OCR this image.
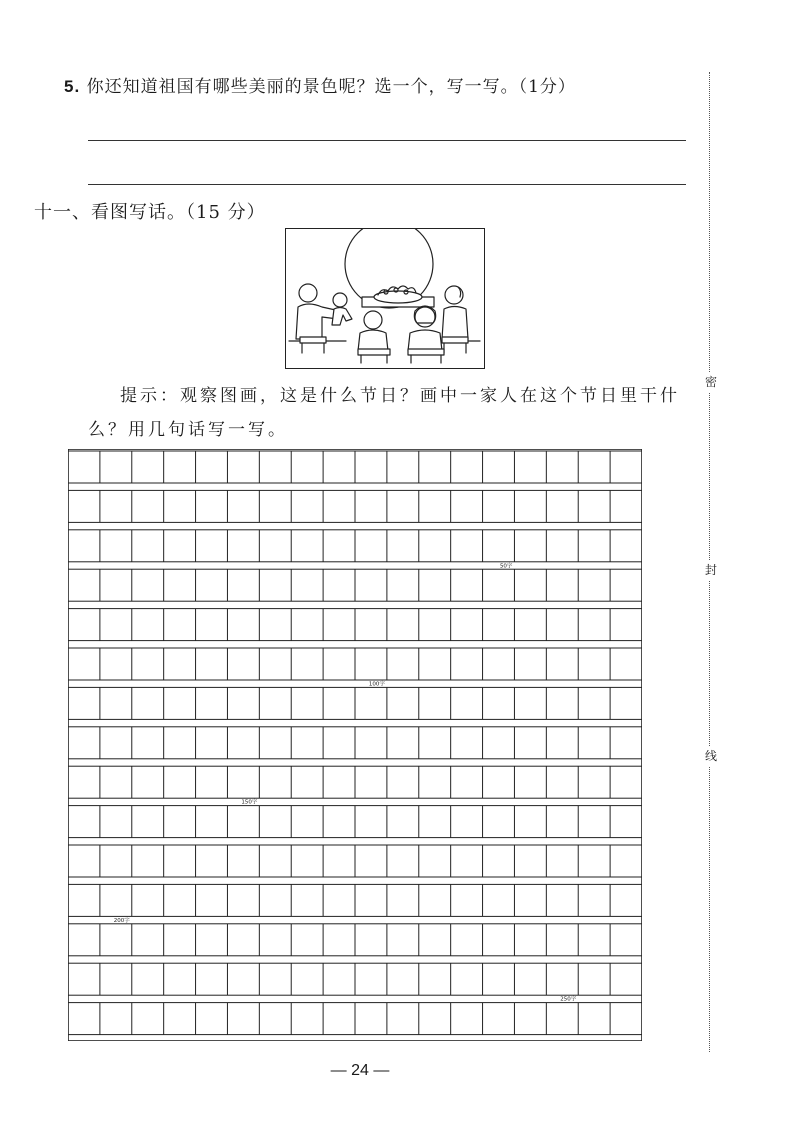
5. 你还知道祖国有哪些美丽的景色呢？选一个，写一写。（1分）
十一、看图写话。（15 分）
提示：观察图画，这是什么节日？画中一家人在这个节日里干什
么？用几句话写一写。
50字
100字
150字
200字
250字
密
封
线
— 24 —
